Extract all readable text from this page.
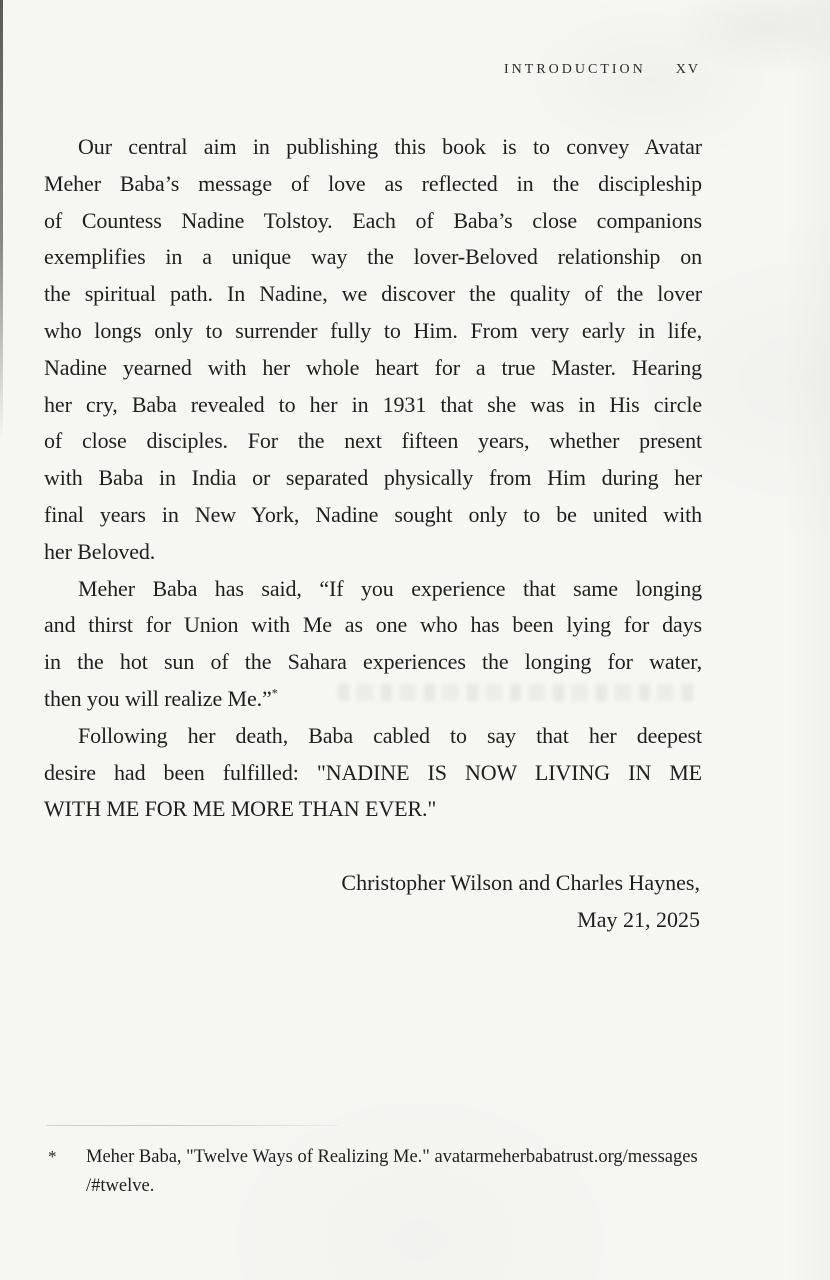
INTRODUCTION XV
Our central aim in publishing this book is to convey Avatar
Meher Baba’s message of love as reflected in the discipleship
of Countess Nadine Tolstoy. Each of Baba’s close companions
exemplifies in a unique way the lover-Beloved relationship on
the spiritual path. In Nadine, we discover the quality of the lover
who longs only to surrender fully to Him. From very early in life,
Nadine yearned with her whole heart for a true Master. Hearing
her cry, Baba revealed to her in 1931 that she was in His circle
of close disciples. For the next fifteen years, whether present
with Baba in India or separated physically from Him during her
final years in New York, Nadine sought only to be united with
her Beloved.
Meher Baba has said, “If you experience that same longing
and thirst for Union with Me as one who has been lying for days
in the hot sun of the Sahara experiences the longing for water,
then you will realize Me.”*
Following her death, Baba cabled to say that her deepest
desire had been fulfilled: "NADINE IS NOW LIVING IN ME
WITH ME FOR ME MORE THAN EVER."
Christopher Wilson and Charles Haynes,
May 21, 2025
*	Meher Baba, "Twelve Ways of Realizing Me." avatarmeherbabatrust.org/messages
/#twelve.
